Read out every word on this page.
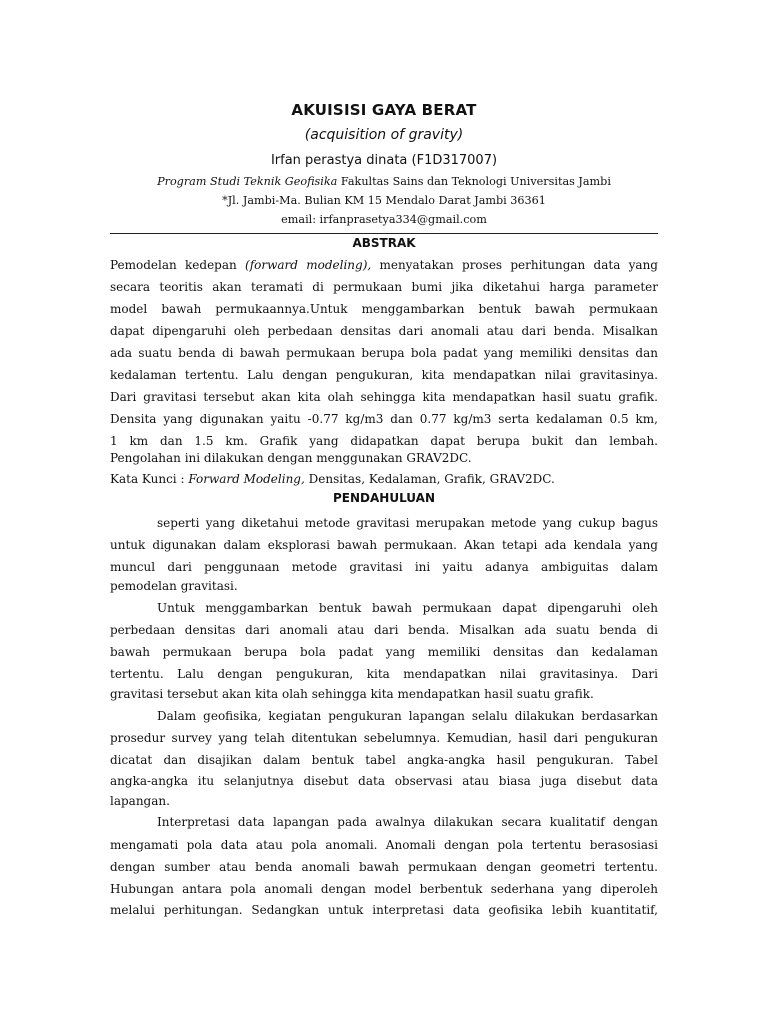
AKUISISI GAYA BERAT
(acquisition of gravity)
Irfan perastya dinata (F1D317007)
Program Studi Teknik Geofisika Fakultas Sains dan Teknologi Universitas Jambi
*Jl. Jambi-Ma. Bulian KM 15 Mendalo Darat Jambi 36361
email: irfanprasetya334@gmail.com
ABSTRAK
Pemodelan kedepan (forward modeling), menyatakan proses perhitungan data yang
secara teoritis akan teramati di permukaan bumi jika diketahui harga parameter
model bawah permukaannya.Untuk menggambarkan bentuk bawah permukaan
dapat dipengaruhi oleh perbedaan densitas dari anomali atau dari benda. Misalkan
ada suatu benda di bawah permukaan berupa bola padat yang memiliki densitas dan
kedalaman tertentu. Lalu dengan pengukuran, kita mendapatkan nilai gravitasinya.
Dari gravitasi tersebut akan kita olah sehingga kita mendapatkan hasil suatu grafik.
Densita yang digunakan yaitu -0.77 kg/m3 dan 0.77 kg/m3 serta kedalaman 0.5 km,
1 km dan 1.5 km. Grafik yang didapatkan dapat berupa bukit dan lembah.
Pengolahan ini dilakukan dengan menggunakan GRAV2DC.
Kata Kunci : Forward Modeling, Densitas, Kedalaman, Grafik, GRAV2DC.
PENDAHULUAN
seperti yang diketahui metode gravitasi merupakan metode yang cukup bagus
untuk digunakan dalam eksplorasi bawah permukaan. Akan tetapi ada kendala yang
muncul dari penggunaan metode gravitasi ini yaitu adanya ambiguitas dalam
pemodelan gravitasi.
Untuk menggambarkan bentuk bawah permukaan dapat dipengaruhi oleh
perbedaan densitas dari anomali atau dari benda. Misalkan ada suatu benda di
bawah permukaan berupa bola padat yang memiliki densitas dan kedalaman
tertentu. Lalu dengan pengukuran, kita mendapatkan nilai gravitasinya. Dari
gravitasi tersebut akan kita olah sehingga kita mendapatkan hasil suatu grafik.
Dalam geofisika, kegiatan pengukuran lapangan selalu dilakukan berdasarkan
prosedur survey yang telah ditentukan sebelumnya. Kemudian, hasil dari pengukuran
dicatat dan disajikan dalam bentuk tabel angka-angka hasil pengukuran. Tabel
angka-angka itu selanjutnya disebut data observasi atau biasa juga disebut data
lapangan.
Interpretasi data lapangan pada awalnya dilakukan secara kualitatif dengan
mengamati pola data atau pola anomali. Anomali dengan pola tertentu berasosiasi
dengan sumber atau benda anomali bawah permukaan dengan geometri tertentu.
Hubungan antara pola anomali dengan model berbentuk sederhana yang diperoleh
melalui perhitungan. Sedangkan untuk interpretasi data geofisika lebih kuantitatif,
